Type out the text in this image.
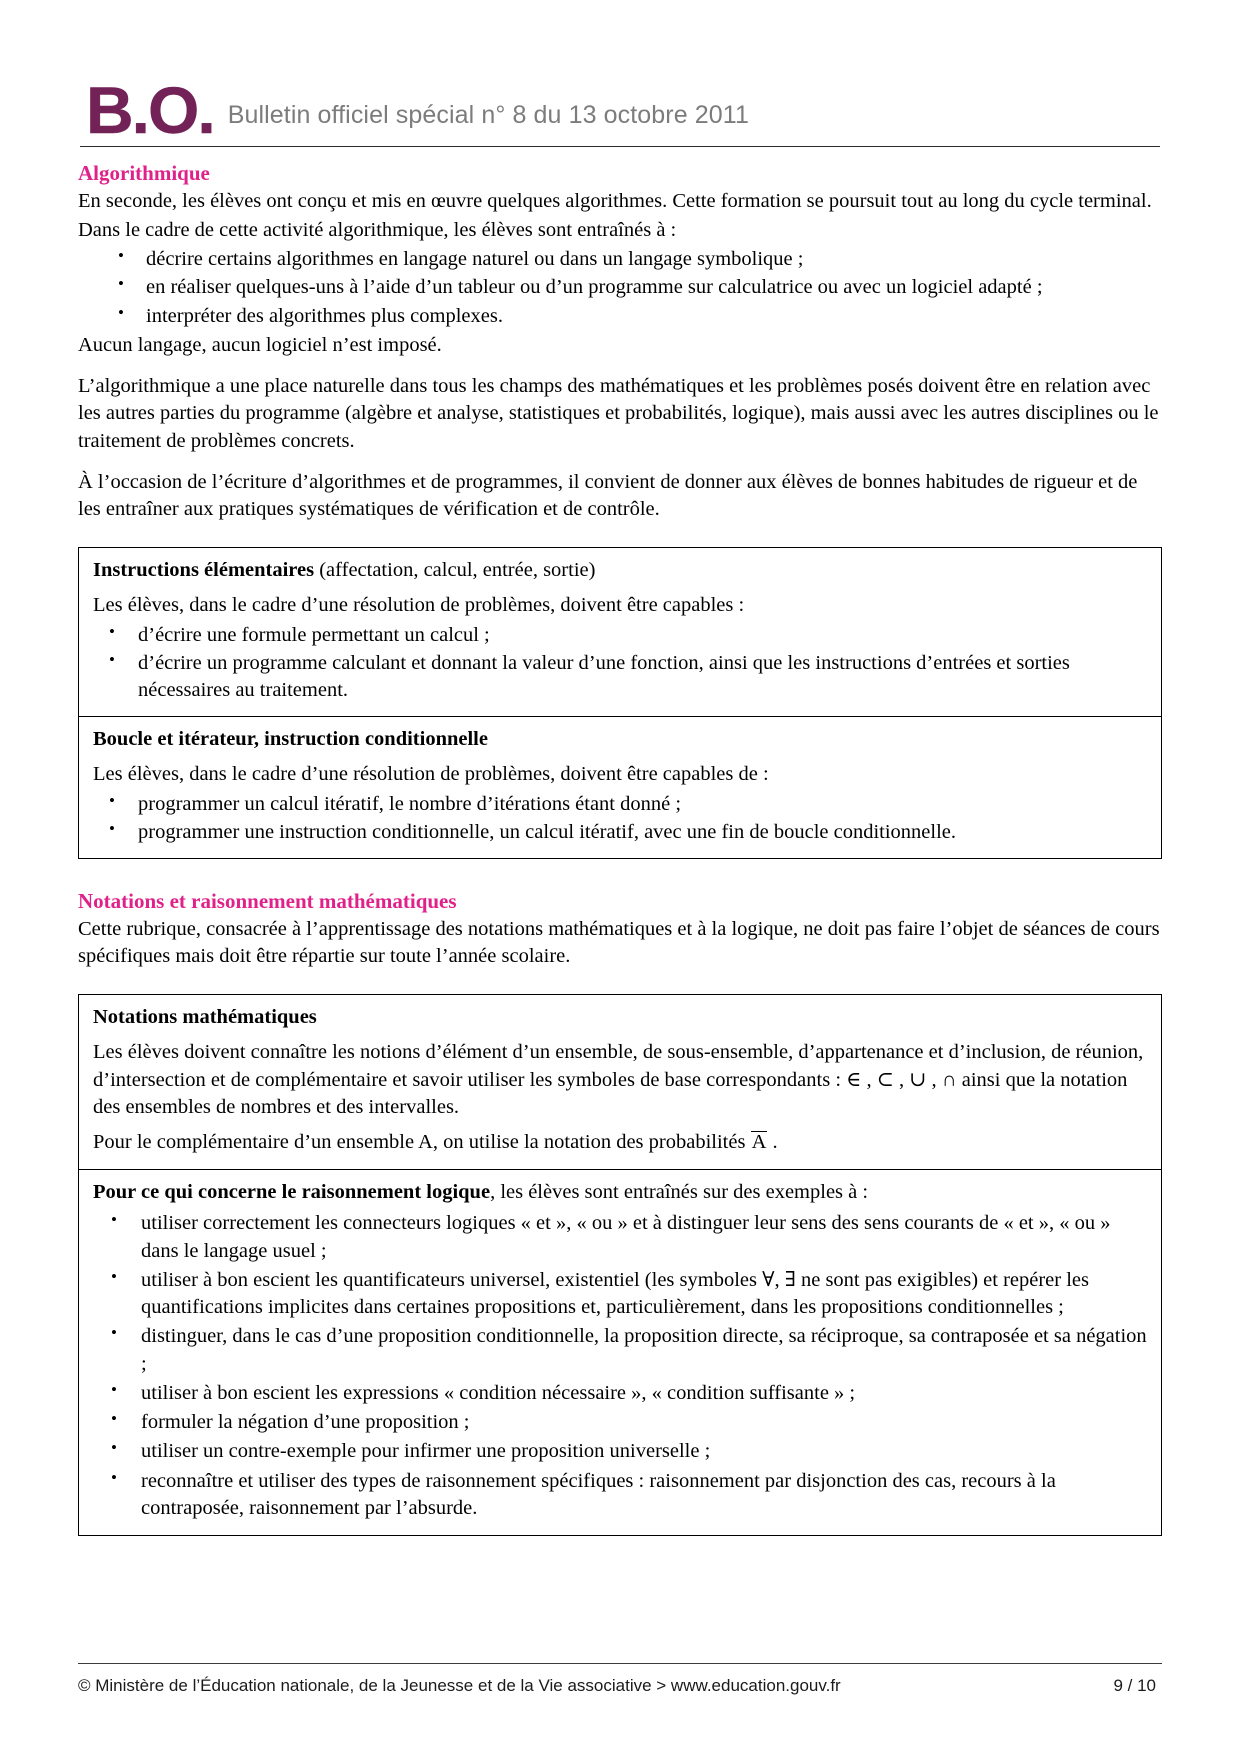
B.O. Bulletin officiel spécial n° 8 du 13 octobre 2011
Algorithmique

En seconde, les élèves ont conçu et mis en œuvre quelques algorithmes. Cette formation se poursuit tout au long du cycle terminal.

Dans le cadre de cette activité algorithmique, les élèves sont entraînés à :

• décrire certains algorithmes en langage naturel ou dans un langage symbolique ;
• en réaliser quelques-uns à l’aide d’un tableur ou d’un programme sur calculatrice ou avec un logiciel adapté ;
• interpréter des algorithmes plus complexes.

Aucun langage, aucun logiciel n’est imposé.

L’algorithmique a une place naturelle dans tous les champs des mathématiques et les problèmes posés doivent être en relation avec les autres parties du programme (algèbre et analyse, statistiques et probabilités, logique), mais aussi avec les autres disciplines ou le traitement de problèmes concrets.

À l’occasion de l’écriture d’algorithmes et de programmes, il convient de donner aux élèves de bonnes habitudes de rigueur et de les entraîner aux pratiques systématiques de vérification et de contrôle.

Instructions élémentaires (affectation, calcul, entrée, sortie)

Les élèves, dans le cadre d’une résolution de problèmes, doivent être capables :

• d’écrire une formule permettant un calcul ;
• d’écrire un programme calculant et donnant la valeur d’une fonction, ainsi que les instructions d’entrées et sorties nécessaires au traitement.

Boucle et itérateur, instruction conditionnelle

Les élèves, dans le cadre d’une résolution de problèmes, doivent être capables de :

• programmer un calcul itératif, le nombre d’itérations étant donné ;
• programmer une instruction conditionnelle, un calcul itératif, avec une fin de boucle conditionnelle.
Notations et raisonnement mathématiques

Cette rubrique, consacrée à l’apprentissage des notations mathématiques et à la logique, ne doit pas faire l’objet de séances de cours spécifiques mais doit être répartie sur toute l’année scolaire.

Notations mathématiques

Les élèves doivent connaître les notions d’élément d’un ensemble, de sous-ensemble, d’appartenance et d’inclusion, de réunion, d’intersection et de complémentaire et savoir utiliser les symboles de base correspondants : ∈ , ⊂ , ∪ , ∩ ainsi que la notation des ensembles de nombres et des intervalles.

Pour le complémentaire d’un ensemble A, on utilise la notation des probabilités A .

Pour ce qui concerne le raisonnement logique, les élèves sont entraînés sur des exemples à :

• utiliser correctement les connecteurs logiques « et », « ou » et à distinguer leur sens des sens courants de « et », « ou » dans le langage usuel ;
• utiliser à bon escient les quantificateurs universel, existentiel (les symboles ∀, ∃ ne sont pas exigibles) et repérer les quantifications implicites dans certaines propositions et, particulièrement, dans les propositions conditionnelles ;
• distinguer, dans le cas d’une proposition conditionnelle, la proposition directe, sa réciproque, sa contraposée et sa négation ;
• utiliser à bon escient les expressions « condition nécessaire », « condition suffisante » ;
• formuler la négation d’une proposition ;
• utiliser un contre-exemple pour infirmer une proposition universelle ;
• reconnaître et utiliser des types de raisonnement spécifiques : raisonnement par disjonction des cas, recours à la contraposée, raisonnement par l’absurde.
© Ministère de l’Éducation nationale, de la Jeunesse et de la Vie associative > www.education.gouv.fr	9 / 10
